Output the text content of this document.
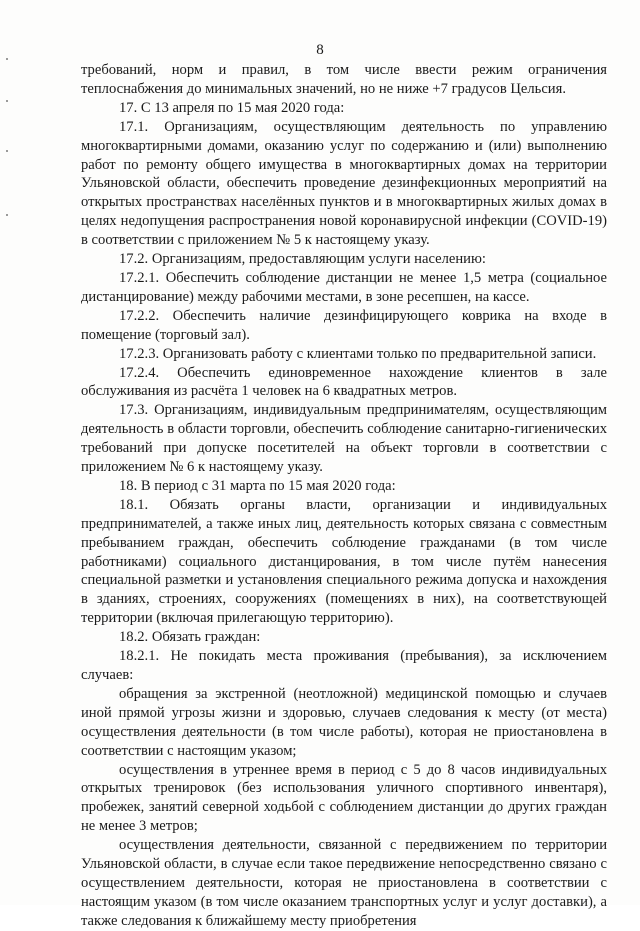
8

требований, норм и правил, в том числе ввести режим ограничения теплоснабжения до минимальных значений, но не ниже +7 градусов Цельсия.

17. С 13 апреля по 15 мая 2020 года:

17.1. Организациям, осуществляющим деятельность по управлению многоквартирными домами, оказанию услуг по содержанию и (или) выполнению работ по ремонту общего имущества в многоквартирных домах на территории Ульяновской области, обеспечить проведение дезинфекционных мероприятий на открытых пространствах населённых пунктов и в многоквартирных жилых домах в целях недопущения распространения новой коронавирусной инфекции (COVID-19) в соответствии с приложением № 5 к настоящему указу.

17.2. Организациям, предоставляющим услуги населению:

17.2.1. Обеспечить соблюдение дистанции не менее 1,5 метра (социальное дистанцирование) между рабочими местами, в зоне ресепшен, на кассе.

17.2.2. Обеспечить наличие дезинфицирующего коврика на входе в помещение (торговый зал).

17.2.3. Организовать работу с клиентами только по предварительной записи.

17.2.4. Обеспечить единовременное нахождение клиентов в зале обслуживания из расчёта 1 человек на 6 квадратных метров.

17.3. Организациям, индивидуальным предпринимателям, осуществляющим деятельность в области торговли, обеспечить соблюдение санитарно-гигиенических требований при допуске посетителей на объект торговли в соответствии с приложением № 6 к настоящему указу.

18. В период с 31 марта по 15 мая 2020 года:

18.1. Обязать органы власти, организации и индивидуальных предпринимателей, а также иных лиц, деятельность которых связана с совместным пребыванием граждан, обеспечить соблюдение гражданами (в том числе работниками) социального дистанцирования, в том числе путём нанесения специальной разметки и установления специального режима допуска и нахождения в зданиях, строениях, сооружениях (помещениях в них), на соответствующей территории (включая прилегающую территорию).

18.2. Обязать граждан:

18.2.1. Не покидать места проживания (пребывания), за исключением случаев:

обращения за экстренной (неотложной) медицинской помощью и случаев иной прямой угрозы жизни и здоровью, случаев следования к месту (от места) осуществления деятельности (в том числе работы), которая не приостановлена в соответствии с настоящим указом;

осуществления в утреннее время в период с 5 до 8 часов индивидуальных открытых тренировок (без использования уличного спортивного инвентаря), пробежек, занятий северной ходьбой с соблюдением дистанции до других граждан не менее 3 метров;

осуществления деятельности, связанной с передвижением по территории Ульяновской области, в случае если такое передвижение непосредственно связано с осуществлением деятельности, которая не приостановлена в соответствии с настоящим указом (в том числе оказанием транспортных услуг и услуг доставки), а также следования к ближайшему месту приобретения
